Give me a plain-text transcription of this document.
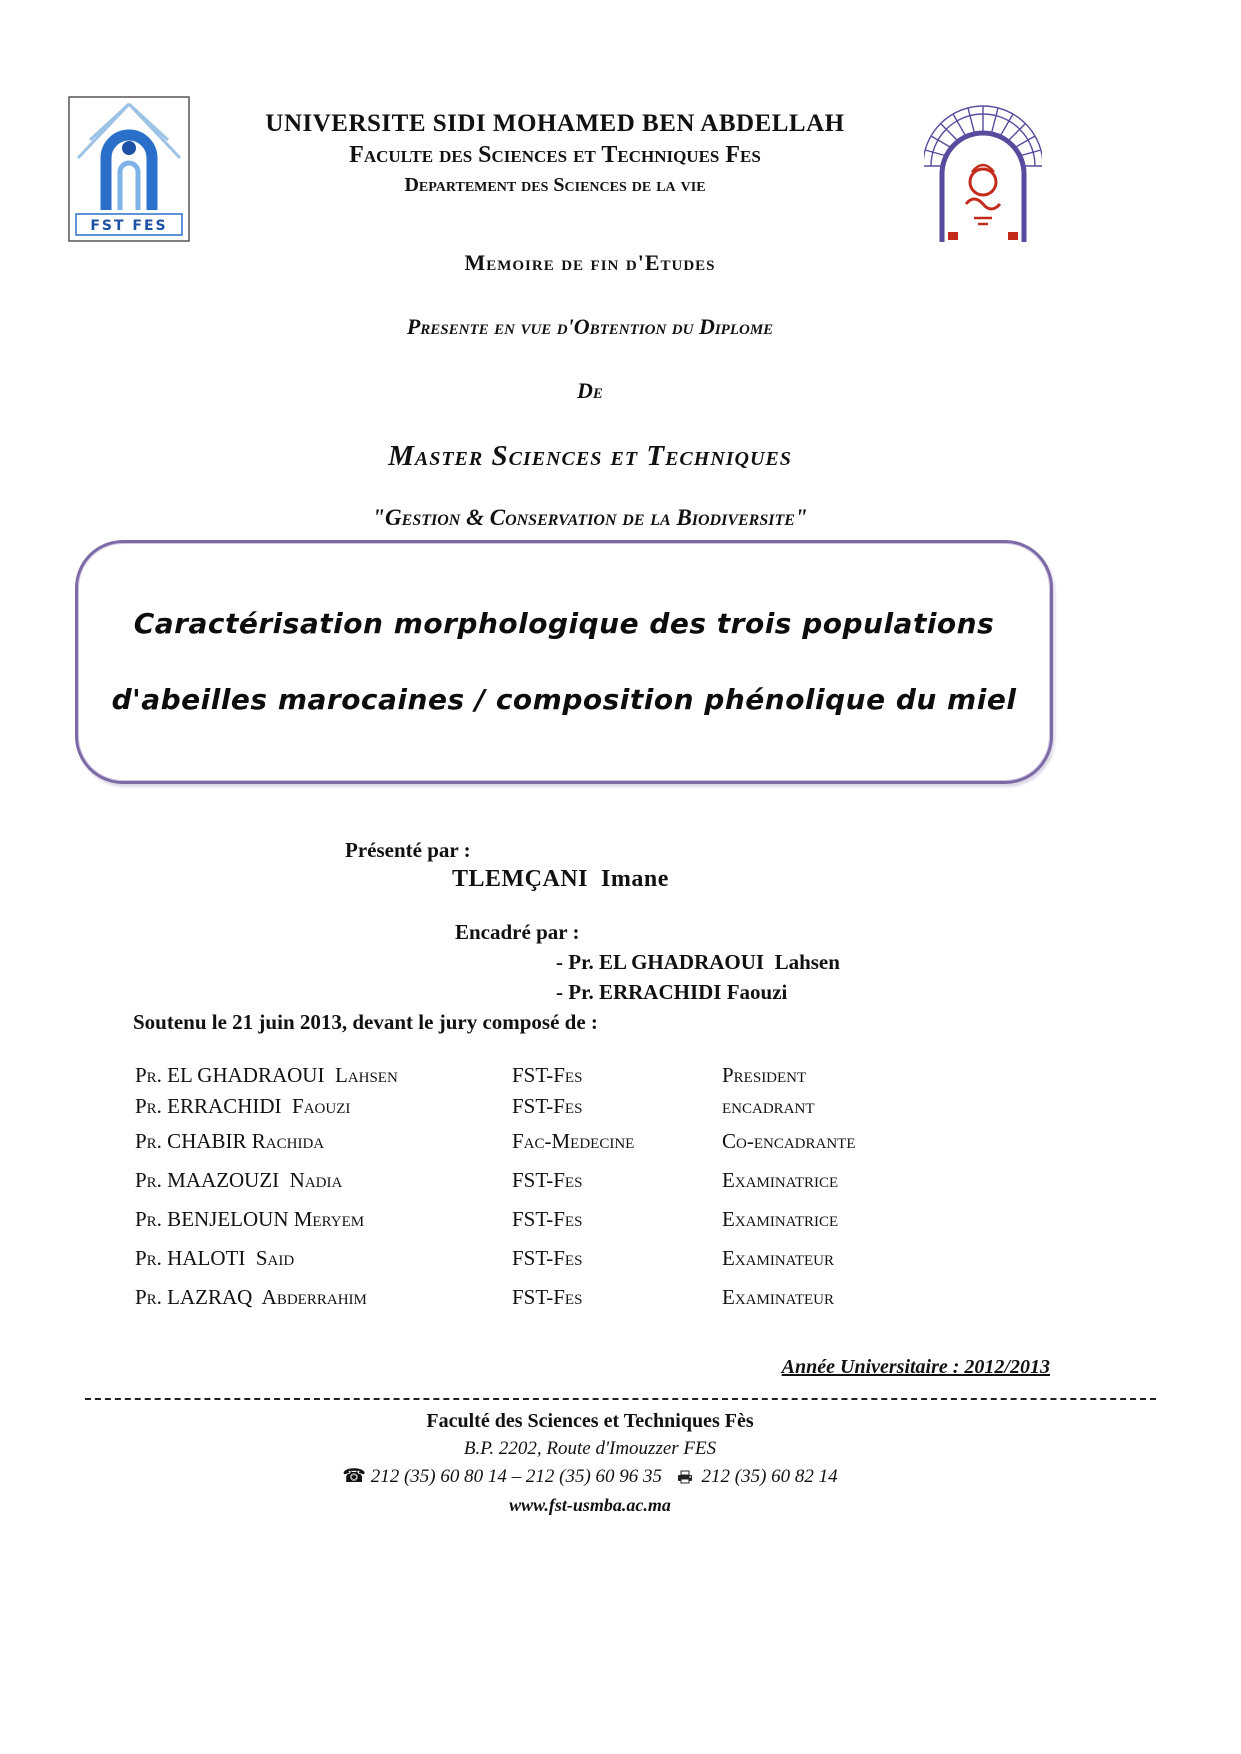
FST FES
UNIVERSITE SIDI MOHAMED BEN ABDELLAH
Faculte des Sciences et Techniques Fes
Departement des Sciences de la vie

Memoire de fin d'Etudes

Presente en vue d'Obtention du Diplome

De

Master Sciences et Techniques

"Gestion & Conservation de la Biodiversite"

Caractérisation morphologique des trois populations d'abeilles marocaines / composition phénolique du miel
Présenté par :
TLEMÇANI  Imane
Encadré par :
- Pr. EL GHADRAOUI  Lahsen
- Pr. ERRACHIDI Faouzi
Soutenu le 21 juin 2013, devant le jury composé de :
Pr. EL GHADRAOUI  Lahsen	FST-Fes	President
Pr. ERRACHIDI  Faouzi	FST-Fes	encadrant
Pr. CHABIR Rachida	Fac-Medecine	Co-encadrante
Pr. MAAZOUZI  Nadia	FST-Fes	Examinatrice
Pr. BENJELOUN Meryem	FST-Fes	Examinatrice
Pr. HALOTI  Said	FST-Fes	Examinateur
Pr. LAZRAQ  Abderrahim	FST-Fes	Examinateur
Année Universitaire : 2012/2013

Faculté des Sciences et Techniques Fès

B.P. 2202, Route d'Imouzzer FES

☎ 212 (35) 60 80 14 – 212 (35) 60 96 35 212 (35) 60 82 14

www.fst-usmba.ac.ma
